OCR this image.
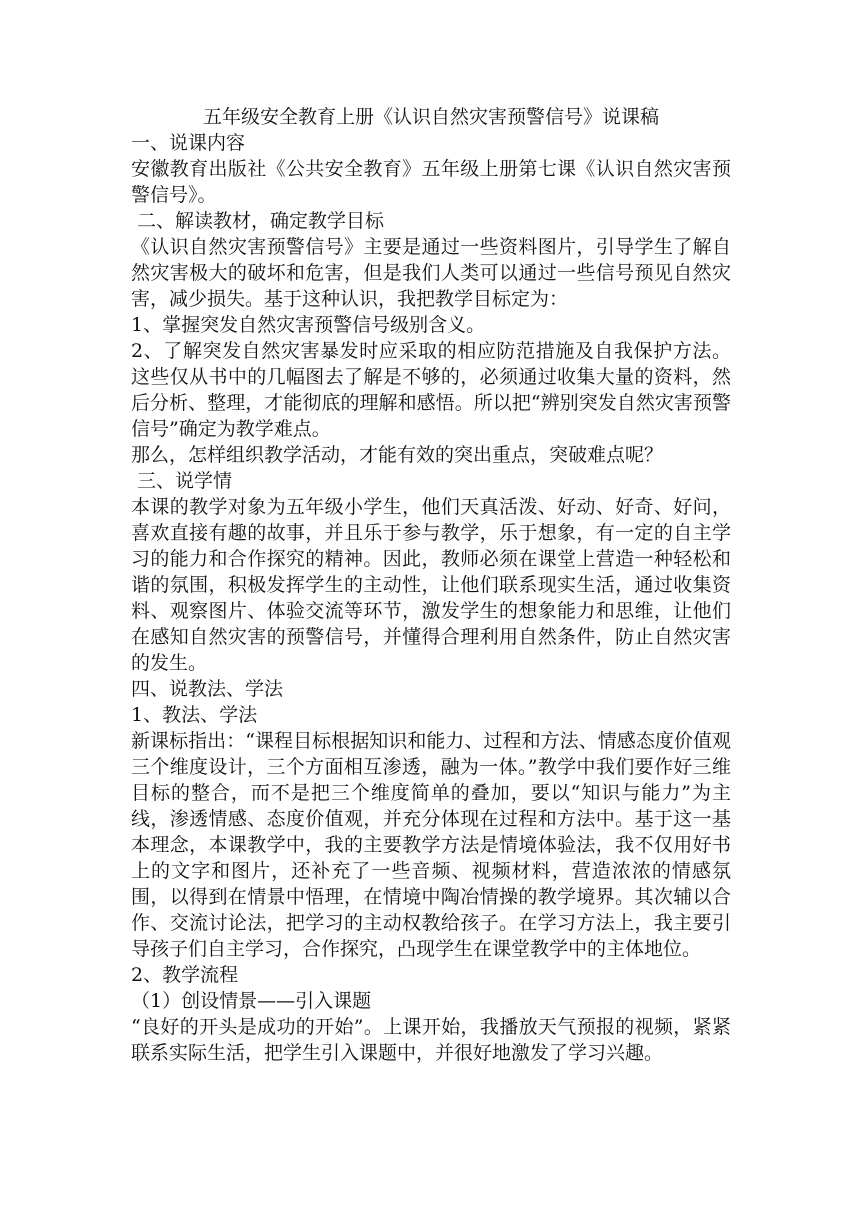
五年级安全教育上册《认识自然灾害预警信号》说课稿

一、说课内容

安徽教育出版社《公共安全教育》五年级上册第七课《认识自然灾害预警信号》。

二、解读教材，确定教学目标

《认识自然灾害预警信号》主要是通过一些资料图片，引导学生了解自然灾害极大的破坏和危害，但是我们人类可以通过一些信号预见自然灾害，减少损失。基于这种认识，我把教学目标定为：

1、掌握突发自然灾害预警信号级别含义。

2、了解突发自然灾害暴发时应采取的相应防范措施及自我保护方法。这些仅从书中的几幅图去了解是不够的，必须通过收集大量的资料，然后分析、整理，才能彻底的理解和感悟。所以把“辨别突发自然灾害预警信号”确定为教学难点。

那么，怎样组织教学活动，才能有效的突出重点，突破难点呢？

三、说学情

本课的教学对象为五年级小学生，他们天真活泼、好动、好奇、好问，喜欢直接有趣的故事，并且乐于参与教学，乐于想象，有一定的自主学习的能力和合作探究的精神。因此，教师必须在课堂上营造一种轻松和谐的氛围，积极发挥学生的主动性，让他们联系现实生活，通过收集资料、观察图片、体验交流等环节，激发学生的想象能力和思维，让他们在感知自然灾害的预警信号，并懂得合理利用自然条件，防止自然灾害的发生。

四、说教法、学法

1、教法、学法

新课标指出：“课程目标根据知识和能力、过程和方法、情感态度价值观三个维度设计，三个方面相互渗透，融为一体。”教学中我们要作好三维目标的整合，而不是把三个维度简单的叠加，要以“知识与能力”为主线，渗透情感、态度价值观，并充分体现在过程和方法中。基于这一基本理念，本课教学中，我的主要教学方法是情境体验法，我不仅用好书上的文字和图片，还补充了一些音频、视频材料，营造浓浓的情感氛围，以得到在情景中悟理，在情境中陶冶情操的教学境界。其次辅以合作、交流讨论法，把学习的主动权教给孩子。在学习方法上，我主要引导孩子们自主学习，合作探究，凸现学生在课堂教学中的主体地位。

2、教学流程

（1）创设情景——引入课题

“良好的开头是成功的开始”。上课开始，我播放天气预报的视频，紧紧联系实际生活，把学生引入课题中，并很好地激发了学习兴趣。
